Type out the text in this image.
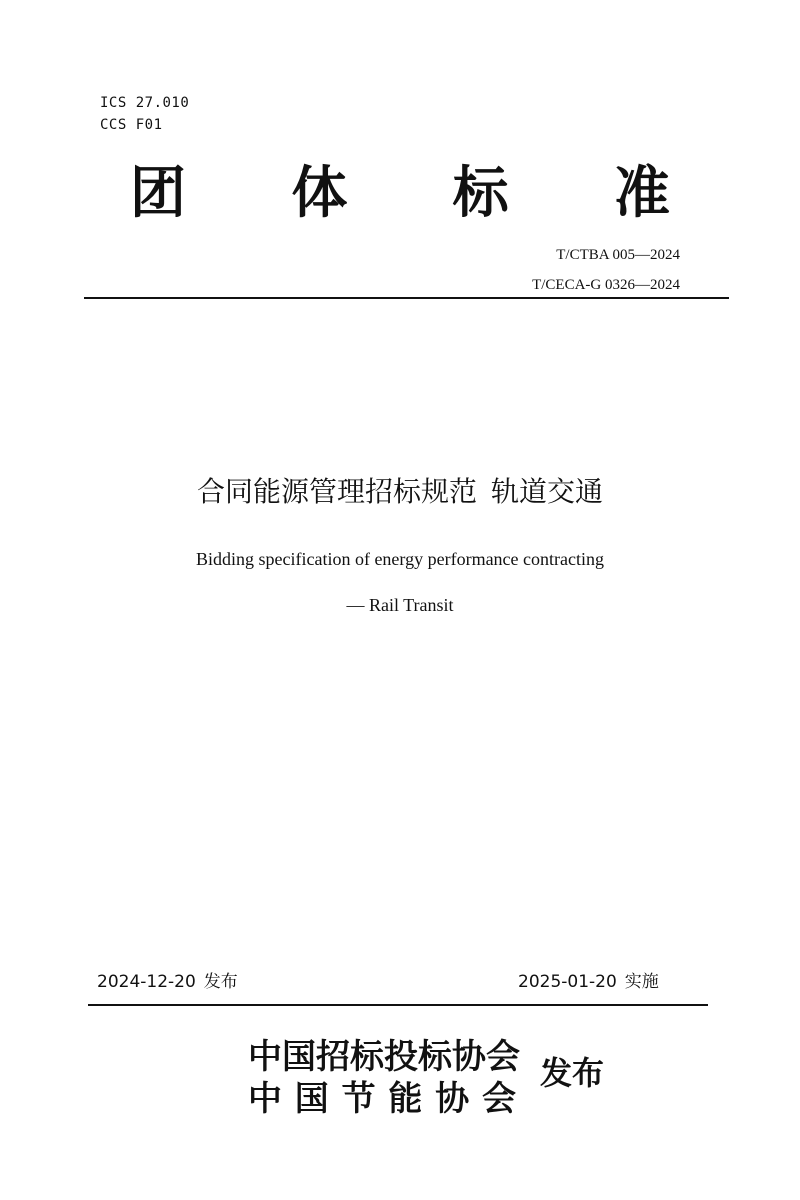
ICS 27.010
CCS F01
团 体 标 准
T/CTBA 005—2024
T/CECA-G 0326—2024
合同能源管理招标规范 轨道交通
Bidding specification of energy performance contracting
— Rail Transit
2024-12-20 发布	2025-01-20 实施
中国招标投标协会
中 国 节 能 协 会
发布
